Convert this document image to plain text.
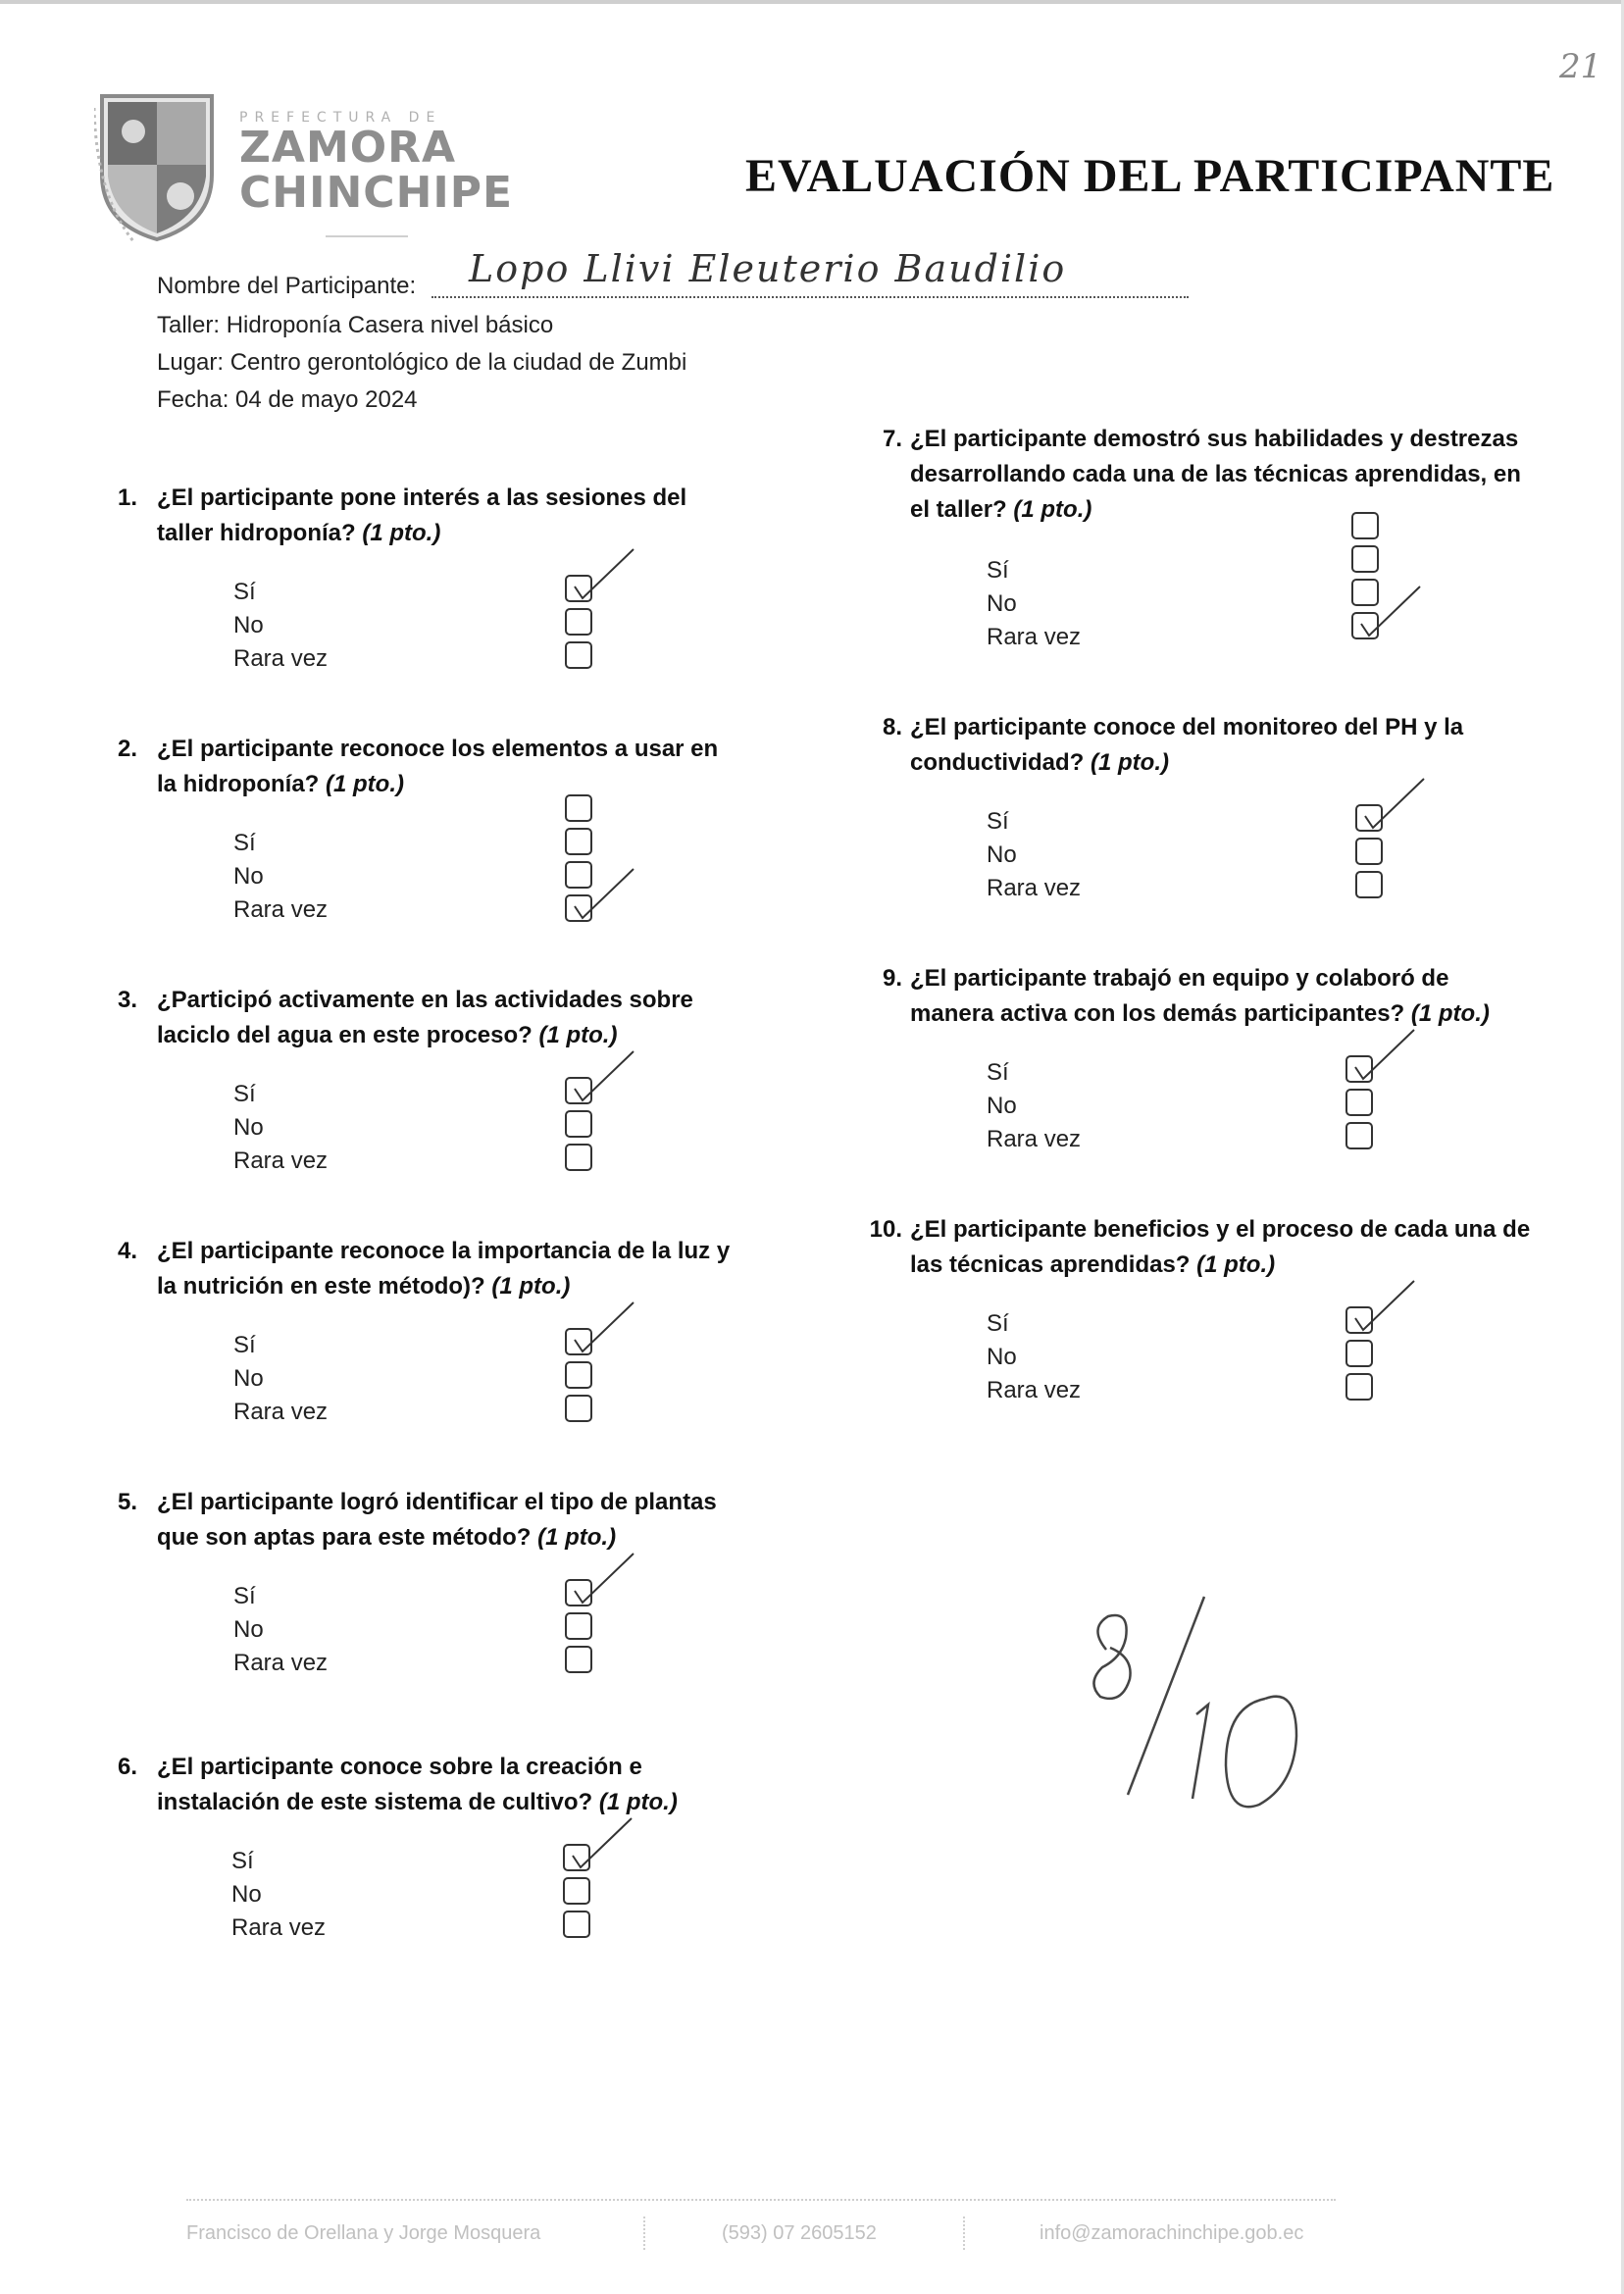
21
PREFECTURA DE
ZAMORA
CHINCHIPE	EVALUACIÓN DEL PARTICIPANTE
Nombre del Participante: Lopo Llivi Eleuterio Baudilio
Taller: Hidroponía Casera nivel básico
Lugar: Centro gerontológico de la ciudad de Zumbi
Fecha: 04 de mayo 2024
1. ¿El participante pone interés a las sesiones del
taller hidroponía? (1 pto.)
Sí
No
Rara vez
2. ¿El participante reconoce los elementos a usar en
la hidroponía? (1 pto.)
Sí
No
Rara vez
3. ¿Participó activamente en las actividades sobre
laciclo del agua en este proceso? (1 pto.)
Sí
No
Rara vez
4. ¿El participante reconoce la importancia de la luz y
la nutrición en este método)? (1 pto.)
Sí
No
Rara vez
5. ¿El participante logró identificar el tipo de plantas
que son aptas para este método? (1 pto.)
Sí
No
Rara vez
6. ¿El participante conoce sobre la creación e
instalación de este sistema de cultivo? (1 pto.)
Sí
No
Rara vez
7. ¿El participante demostró sus habilidades y destrezas
desarrollando cada una de las técnicas aprendidas, en
el taller? (1 pto.)
Sí
No
Rara vez
8. ¿El participante conoce del monitoreo del PH y la
conductividad? (1 pto.)
Sí
No
Rara vez
9. ¿El participante trabajó en equipo y colaboró de
manera activa con los demás participantes? (1 pto.)
Sí
No
Rara vez
10. ¿El participante beneficios y el proceso de cada una de
las técnicas aprendidas? (1 pto.)
Sí
No
Rara vez
8/10
Francisco de Orellana y Jorge Mosquera	(593) 07 2605152	info@zamorachinchipe.gob.ec
